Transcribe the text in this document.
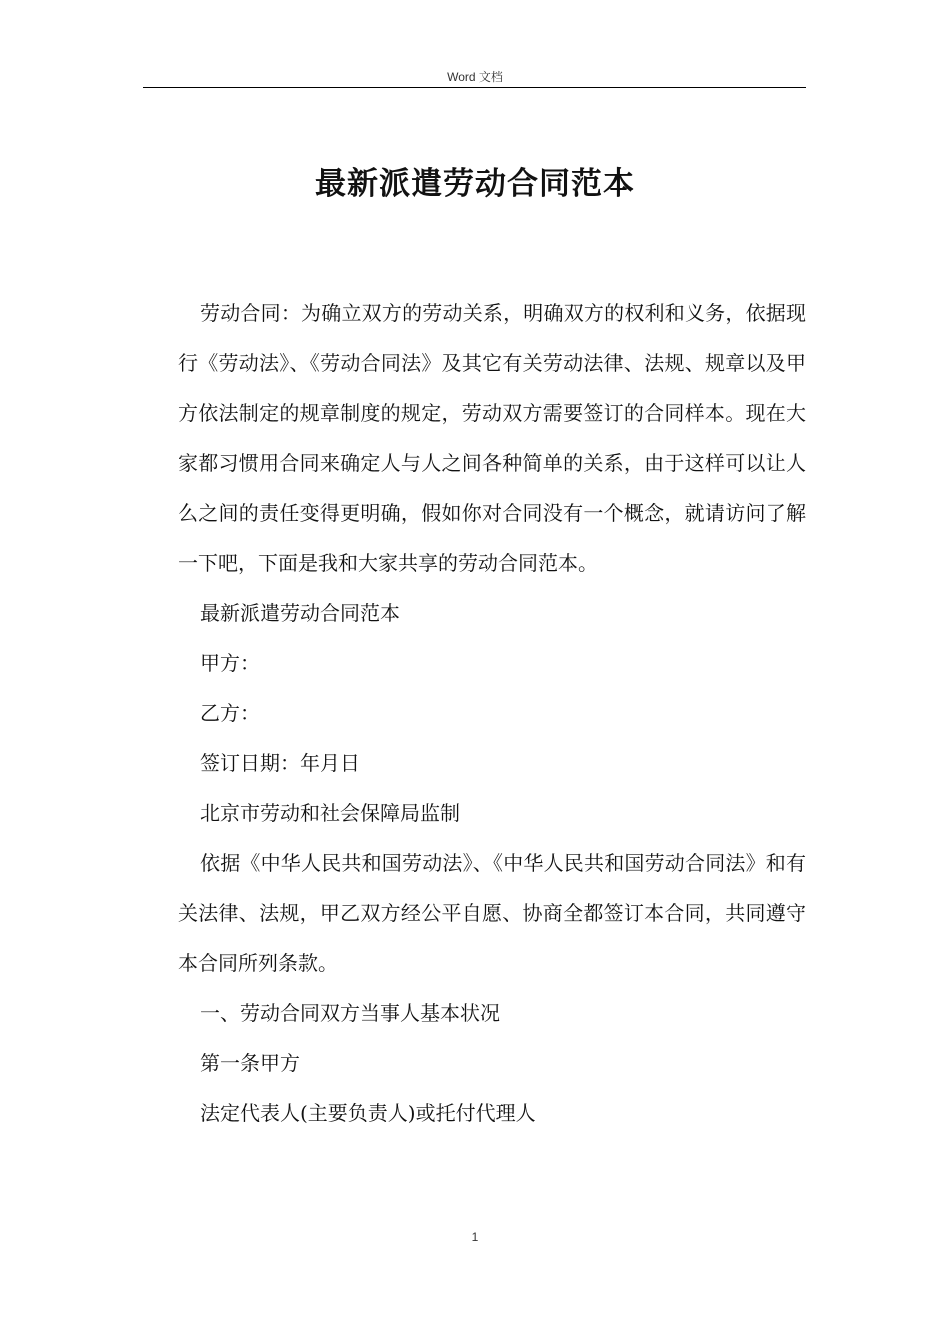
Word 文档
最新派遣劳动合同范本

劳动合同：为确立双方的劳动关系，明确双方的权利和义务，依据现行《劳动法》、《劳动合同法》及其它有关劳动法律、法规、规章以及甲方依法制定的规章制度的规定，劳动双方需要签订的合同样本。现在大家都习惯用合同来确定人与人之间各种简单的关系，由于这样可以让人么之间的责任变得更明确，假如你对合同没有一个概念，就请访问了解一下吧，下面是我和大家共享的劳动合同范本。

最新派遣劳动合同范本

甲方：

乙方：

签订日期：年月日

北京市劳动和社会保障局监制

依据《中华人民共和国劳动法》、《中华人民共和国劳动合同法》和有关法律、法规，甲乙双方经公平自愿、协商全都签订本合同，共同遵守本合同所列条款。

一、劳动合同双方当事人基本状况

第一条甲方

法定代表人(主要负责人)或托付代理人

1
